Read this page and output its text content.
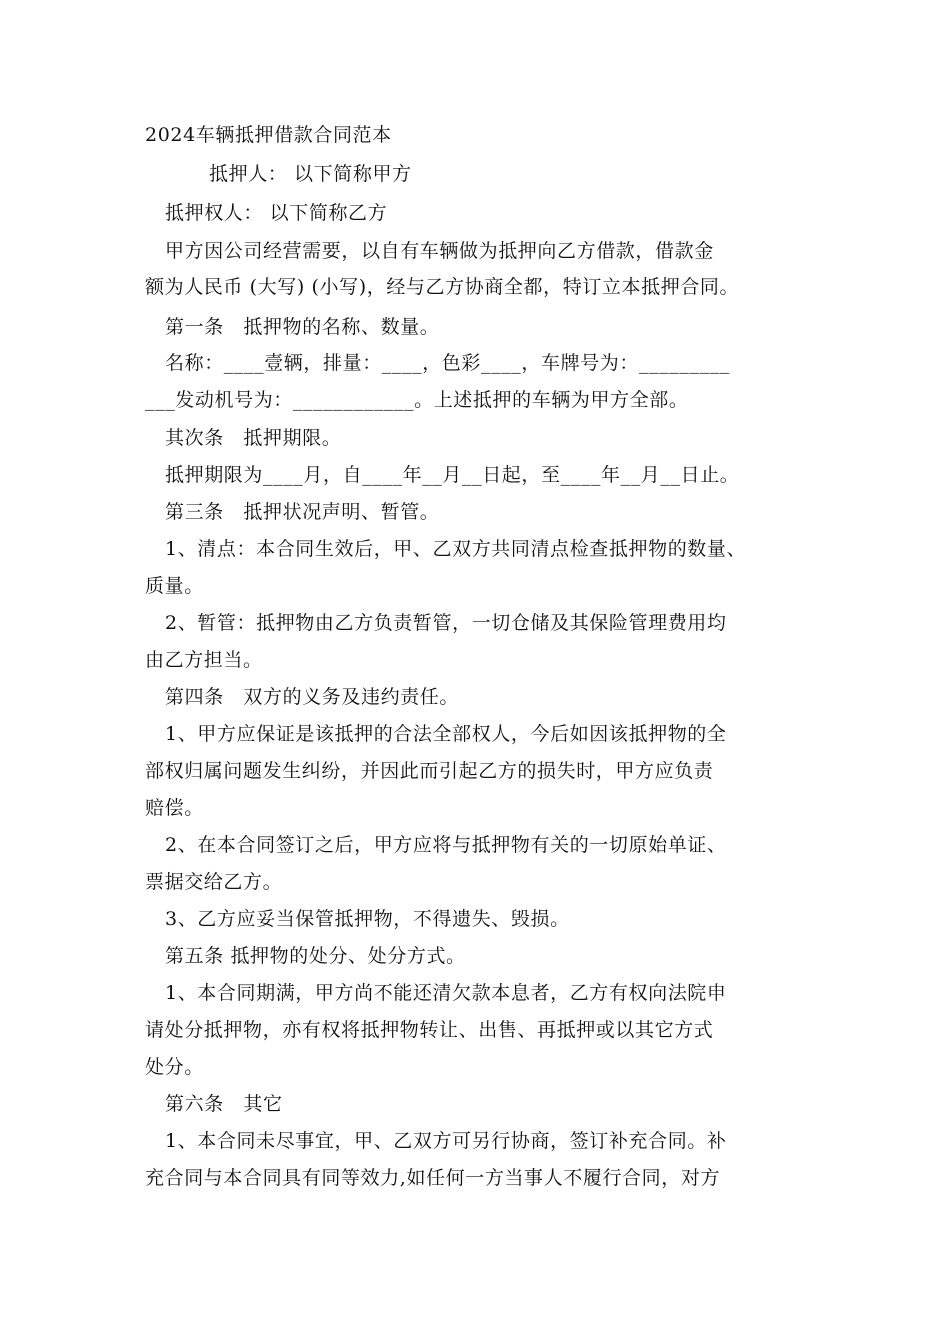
2024车辆抵押借款合同范本
抵押人： 以下简称甲方
抵押权人： 以下简称乙方
甲方因公司经营需要，以自有车辆做为抵押向乙方借款，借款金
额为人民币 (大写) (小写)，经与乙方协商全都，特订立本抵押合同。
第一条　抵押物的名称、数量。
名称：____壹辆，排量：____，色彩____，车牌号为：_________
___发动机号为：____________。上述抵押的车辆为甲方全部。
其次条　抵押期限。
抵押期限为____月，自____年__月__日起，至____年__月__日止。
第三条　抵押状况声明、暂管。
1、清点：本合同生效后，甲、乙双方共同清点检查抵押物的数量、
质量。
2、暂管：抵押物由乙方负责暂管，一切仓储及其保险管理费用均
由乙方担当。
第四条　双方的义务及违约责任。
1、甲方应保证是该抵押的合法全部权人，今后如因该抵押物的全
部权归属问题发生纠纷，并因此而引起乙方的损失时，甲方应负责
赔偿。
2、在本合同签订之后，甲方应将与抵押物有关的一切原始单证、
票据交给乙方。
3、乙方应妥当保管抵押物，不得遗失、毁损。
第五条 抵押物的处分、处分方式。
1、本合同期满，甲方尚不能还清欠款本息者，乙方有权向法院申
请处分抵押物，亦有权将抵押物转让、出售、再抵押或以其它方式
处分。
第六条　其它
1、本合同未尽事宜，甲、乙双方可另行协商，签订补充合同。补
充合同与本合同具有同等效力,如任何一方当事人不履行合同，对方
